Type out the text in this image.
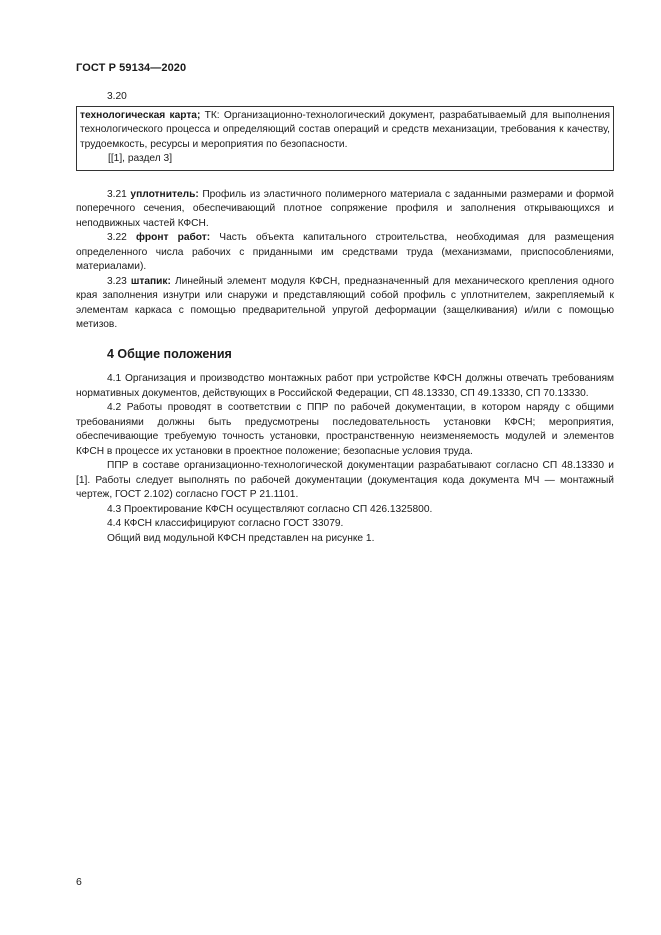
ГОСТ Р 59134—2020
3.20
технологическая карта; ТК: Организационно-технологический документ, разрабатываемый для выполнения технологического процесса и определяющий состав операций и средств механизации, требования к качеству, трудоемкость, ресурсы и мероприятия по безопасности.
[[1], раздел 3]

3.21 уплотнитель: Профиль из эластичного полимерного материала с заданными размерами и формой поперечного сечения, обеспечивающий плотное сопряжение профиля и заполнения открывающихся и неподвижных частей КФСН.

3.22 фронт работ: Часть объекта капитального строительства, необходимая для размещения определенного числа рабочих с приданными им средствами труда (механизмами, приспособлениями, материалами).

3.23 штапик: Линейный элемент модуля КФСН, предназначенный для механического крепления одного края заполнения изнутри или снаружи и представляющий собой профиль с уплотнителем, закрепляемый к элементам каркаса с помощью предварительной упругой деформации (защелкивания) и/или с помощью метизов.

4 Общие положения

4.1 Организация и производство монтажных работ при устройстве КФСН должны отвечать требованиям нормативных документов, действующих в Российской Федерации, СП 48.13330, СП 49.13330, СП 70.13330.

4.2 Работы проводят в соответствии с ППР по рабочей документации, в котором наряду с общими требованиями должны быть предусмотрены последовательность установки КФСН; мероприятия, обеспечивающие требуемую точность установки, пространственную неизменяемость модулей и элементов КФСН в процессе их установки в проектное положение; безопасные условия труда.

ППР в составе организационно-технологической документации разрабатывают согласно СП 48.13330 и [1]. Работы следует выполнять по рабочей документации (документация кода документа МЧ — монтажный чертеж, ГОСТ 2.102) согласно ГОСТ Р 21.1101.

4.3 Проектирование КФСН осуществляют согласно СП 426.1325800.

4.4 КФСН классифицируют согласно ГОСТ 33079.

Общий вид модульной КФСН представлен на рисунке 1.

6
